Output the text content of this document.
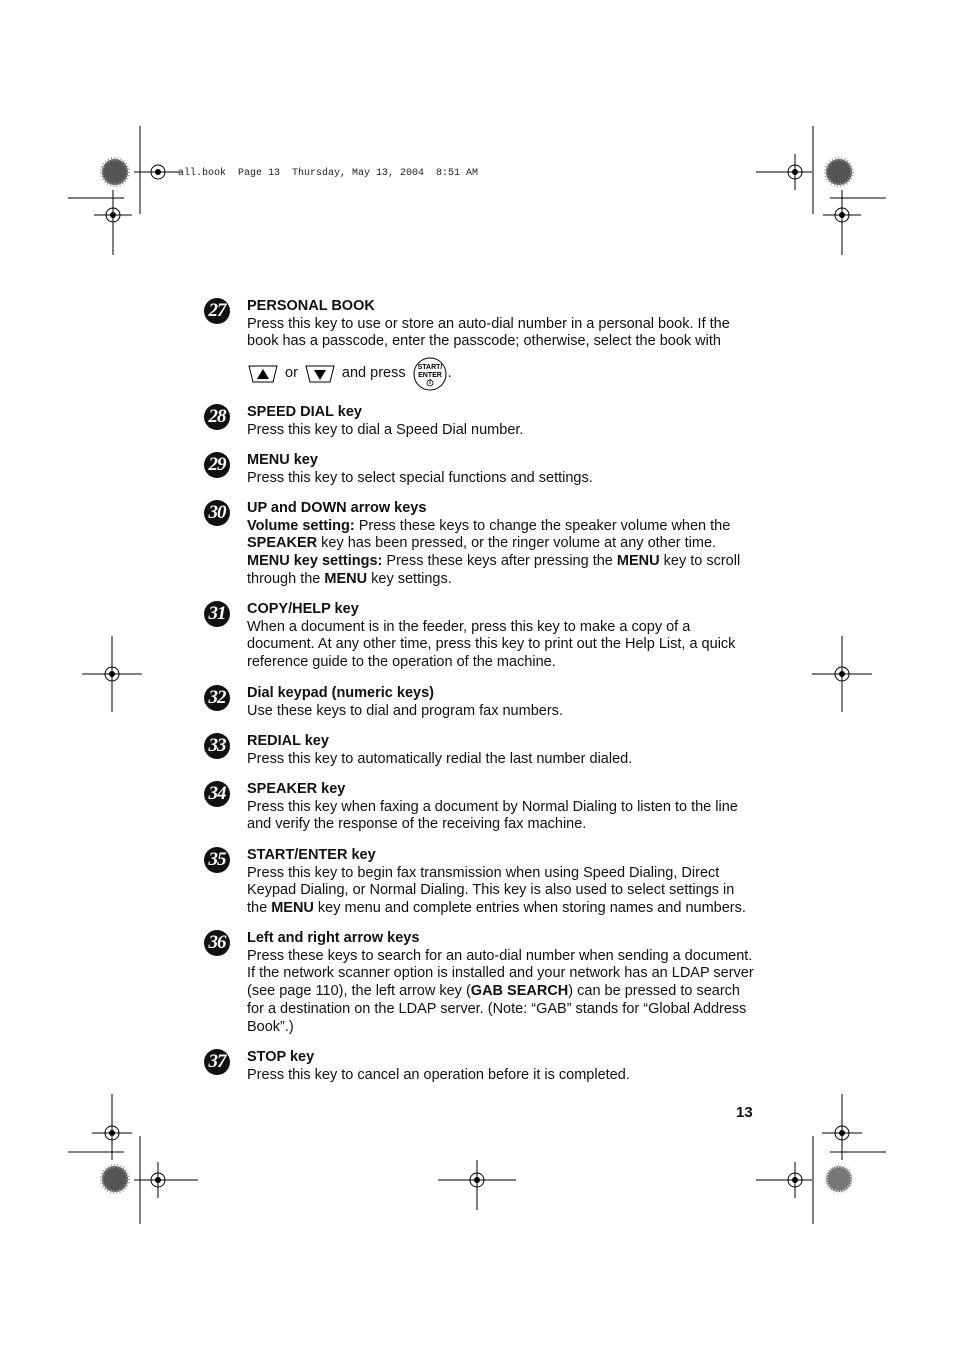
all.book  Page 13  Thursday, May 13, 2004  8:51 AM
27	PERSONAL BOOK
Press this key to use or store an auto-dial number in a personal book. If the book has a passcode, enter the passcode; otherwise, select the book with
or	and press START/
ENTER .
28	SPEED DIAL key
Press this key to dial a Speed Dial number.
29	MENU key
Press this key to select special functions and settings.
30	UP and DOWN arrow keys
Volume setting: Press these keys to change the speaker volume when the SPEAKER key has been pressed, or the ringer volume at any other time.
MENU key settings: Press these keys after pressing the MENU key to scroll through the MENU key settings.
31	COPY/HELP key
When a document is in the feeder, press this key to make a copy of a document. At any other time, press this key to print out the Help List, a quick reference guide to the operation of the machine.
32	Dial keypad (numeric keys)
Use these keys to dial and program fax numbers.
33	REDIAL key
Press this key to automatically redial the last number dialed.
34	SPEAKER key
Press this key when faxing a document by Normal Dialing to listen to the line and verify the response of the receiving fax machine.
35	START/ENTER key
Press this key to begin fax transmission when using Speed Dialing, Direct Keypad Dialing, or Normal Dialing. This key is also used to select settings in the MENU key menu and complete entries when storing names and numbers.
36	Left and right arrow keys
Press these keys to search for an auto-dial number when sending a document. If the network scanner option is installed and your network has an LDAP server (see page 110), the left arrow key (GAB SEARCH) can be pressed to search for a destination on the LDAP server. (Note: “GAB” stands for “Global Address Book”.)
37	STOP key
Press this key to cancel an operation before it is completed.
13
